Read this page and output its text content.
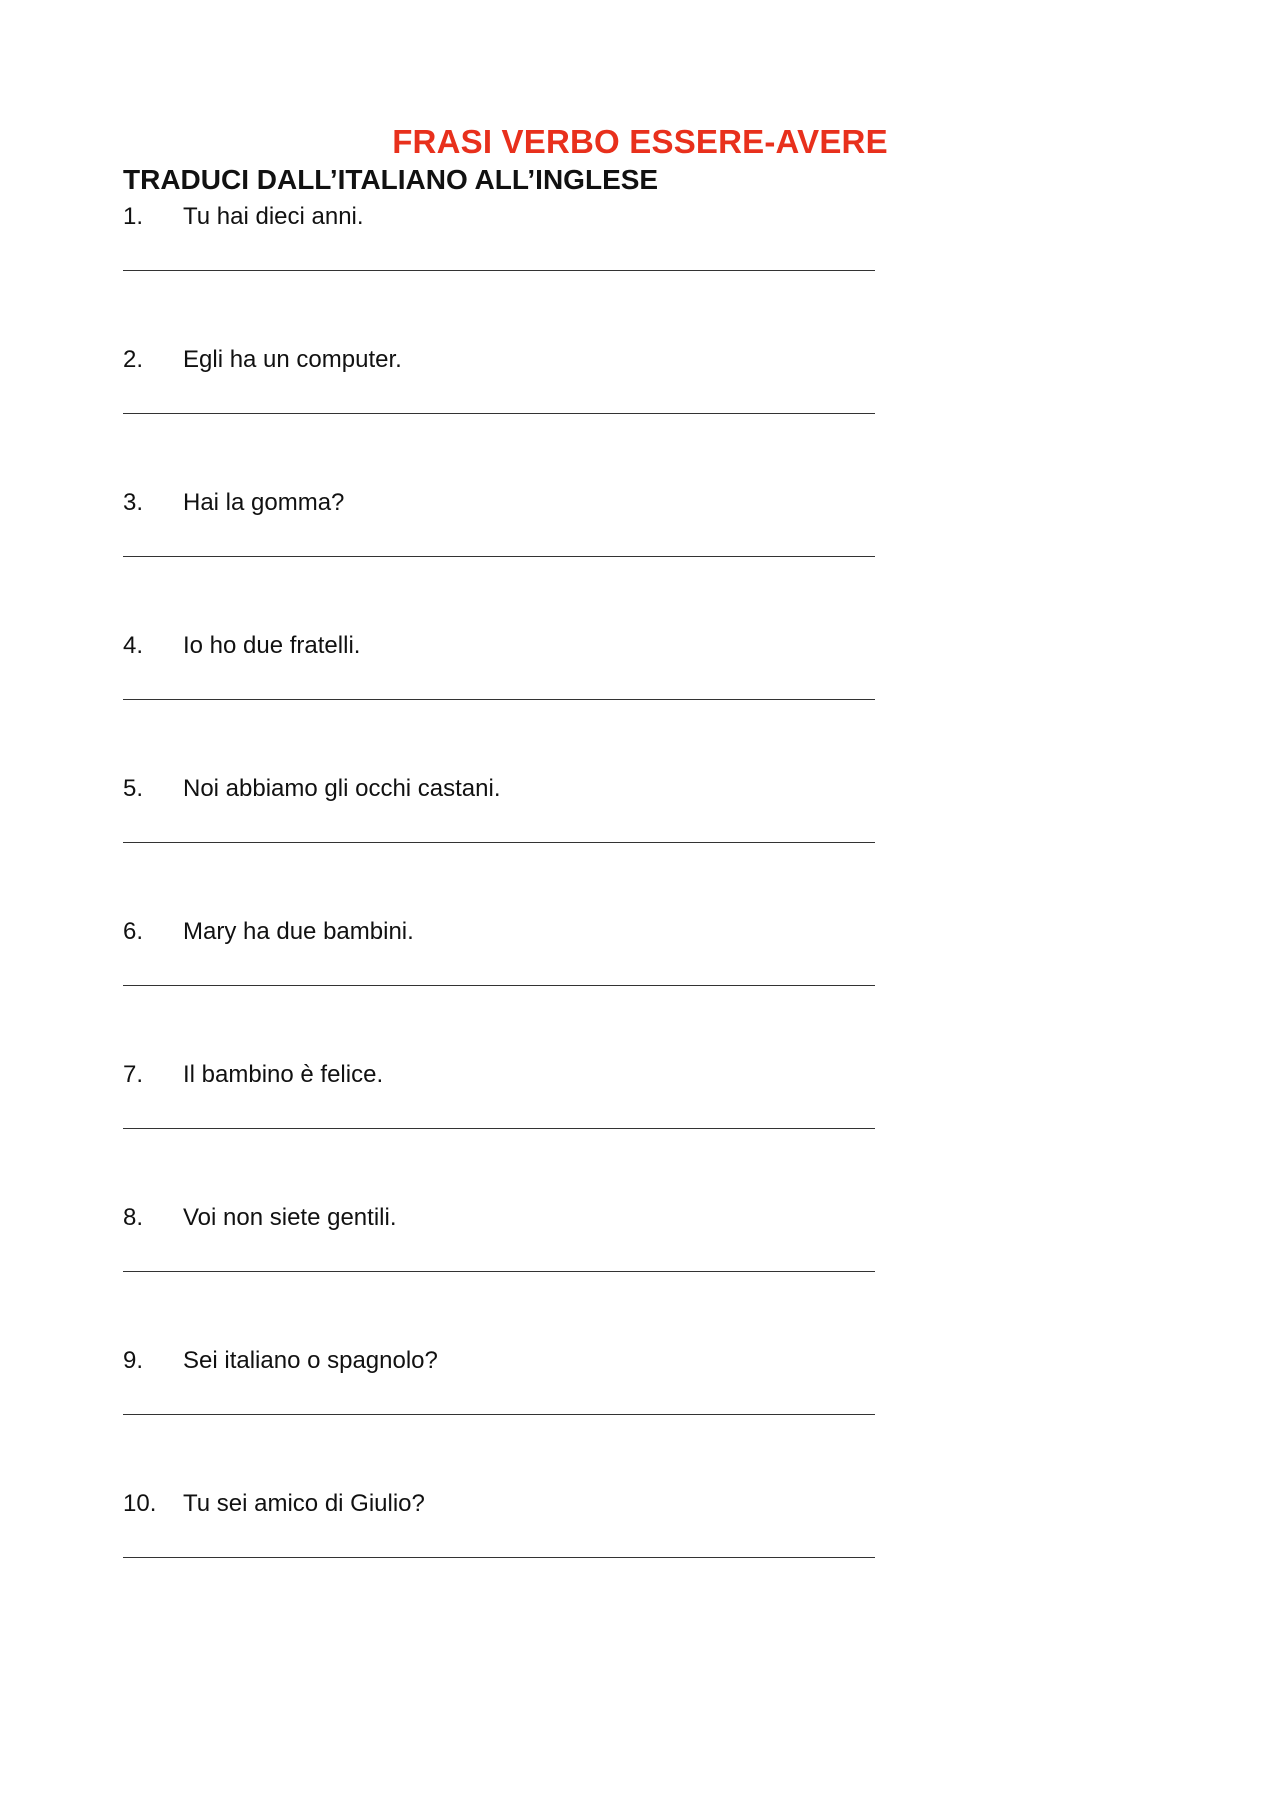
FRASI VERBO ESSERE-AVERE
TRADUCI DALL’ITALIANO ALL’INGLESE
1. Tu hai dieci anni.
2. Egli ha un computer.
3. Hai la gomma?
4. Io ho due fratelli.
5. Noi abbiamo gli occhi castani.
6. Mary ha due bambini.
7. Il bambino è felice.
8. Voi non siete gentili.
9. Sei italiano o spagnolo?
10. Tu sei amico di Giulio?
